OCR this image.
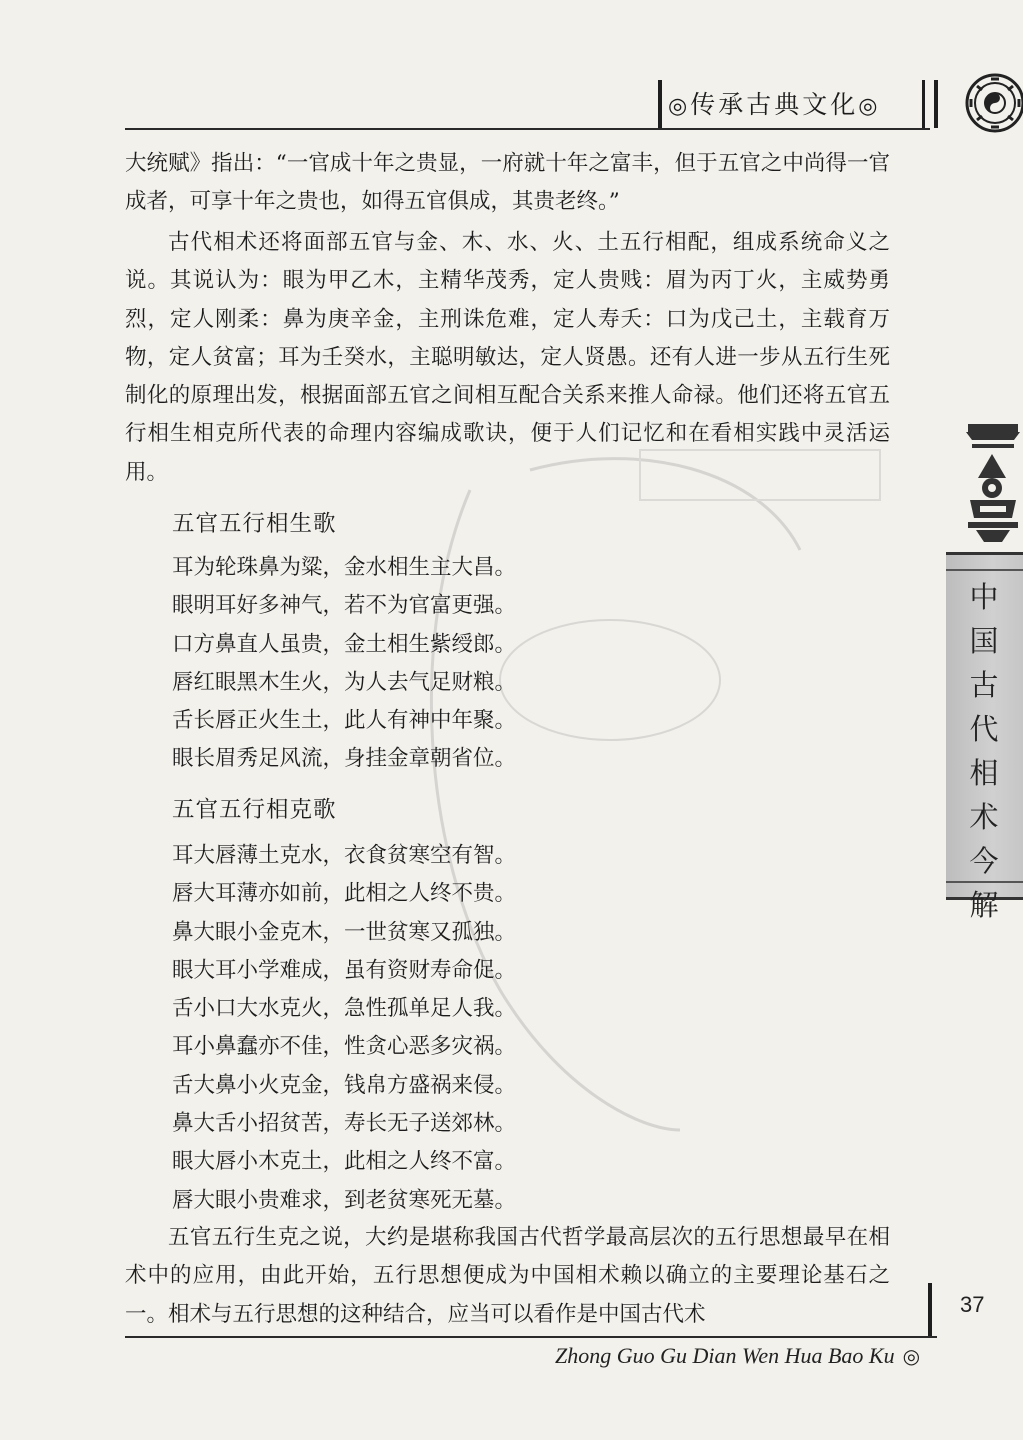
◎传承古典文化◎

大统赋》指出：“一官成十年之贵显，一府就十年之富丰，但于五官之中尚得一官成者，可享十年之贵也，如得五官俱成，其贵老终。”

古代相术还将面部五官与金、木、水、火、土五行相配，组成系统命义之说。其说认为：眼为甲乙木，主精华茂秀，定人贵贱：眉为丙丁火，主威势勇烈，定人刚柔：鼻为庚辛金，主刑诛危难，定人寿夭：口为戊己土，主载育万物，定人贫富；耳为壬癸水，主聪明敏达，定人贤愚。还有人进一步从五行生死制化的原理出发，根据面部五官之间相互配合关系来推人命禄。他们还将五官五行相生相克所代表的命理内容编成歌诀，便于人们记忆和在看相实践中灵活运用。

五官五行相生歌
耳为轮珠鼻为粱，金水相生主大昌。
眼明耳好多神气，若不为官富更强。
口方鼻直人虽贵，金土相生紫绶郎。
唇红眼黑木生火，为人去气足财粮。
舌长唇正火生土，此人有神中年聚。
眼长眉秀足风流，身挂金章朝省位。
五官五行相克歌
耳大唇薄土克水，衣食贫寒空有智。
唇大耳薄亦如前，此相之人终不贵。
鼻大眼小金克木，一世贫寒又孤独。
眼大耳小学难成，虽有资财寿命促。
舌小口大水克火，急性孤单足人我。
耳小鼻蠢亦不佳，性贪心恶多灾祸。
舌大鼻小火克金，钱帛方盛祸来侵。
鼻大舌小招贫苦，寿长无子送郊林。
眼大唇小木克土，此相之人终不富。
唇大眼小贵难求，到老贫寒死无墓。

五官五行生克之说，大约是堪称我国古代哲学最高层次的五行思想最早在相术中的应用，由此开始，五行思想便成为中国相术赖以确立的主要理论基石之一。相术与五行思想的这种结合，应当可以看作是中国古代术

中
国
古
代
相
术
今
解
37
Zhong Guo Gu Dian Wen Hua Bao Ku ◎
